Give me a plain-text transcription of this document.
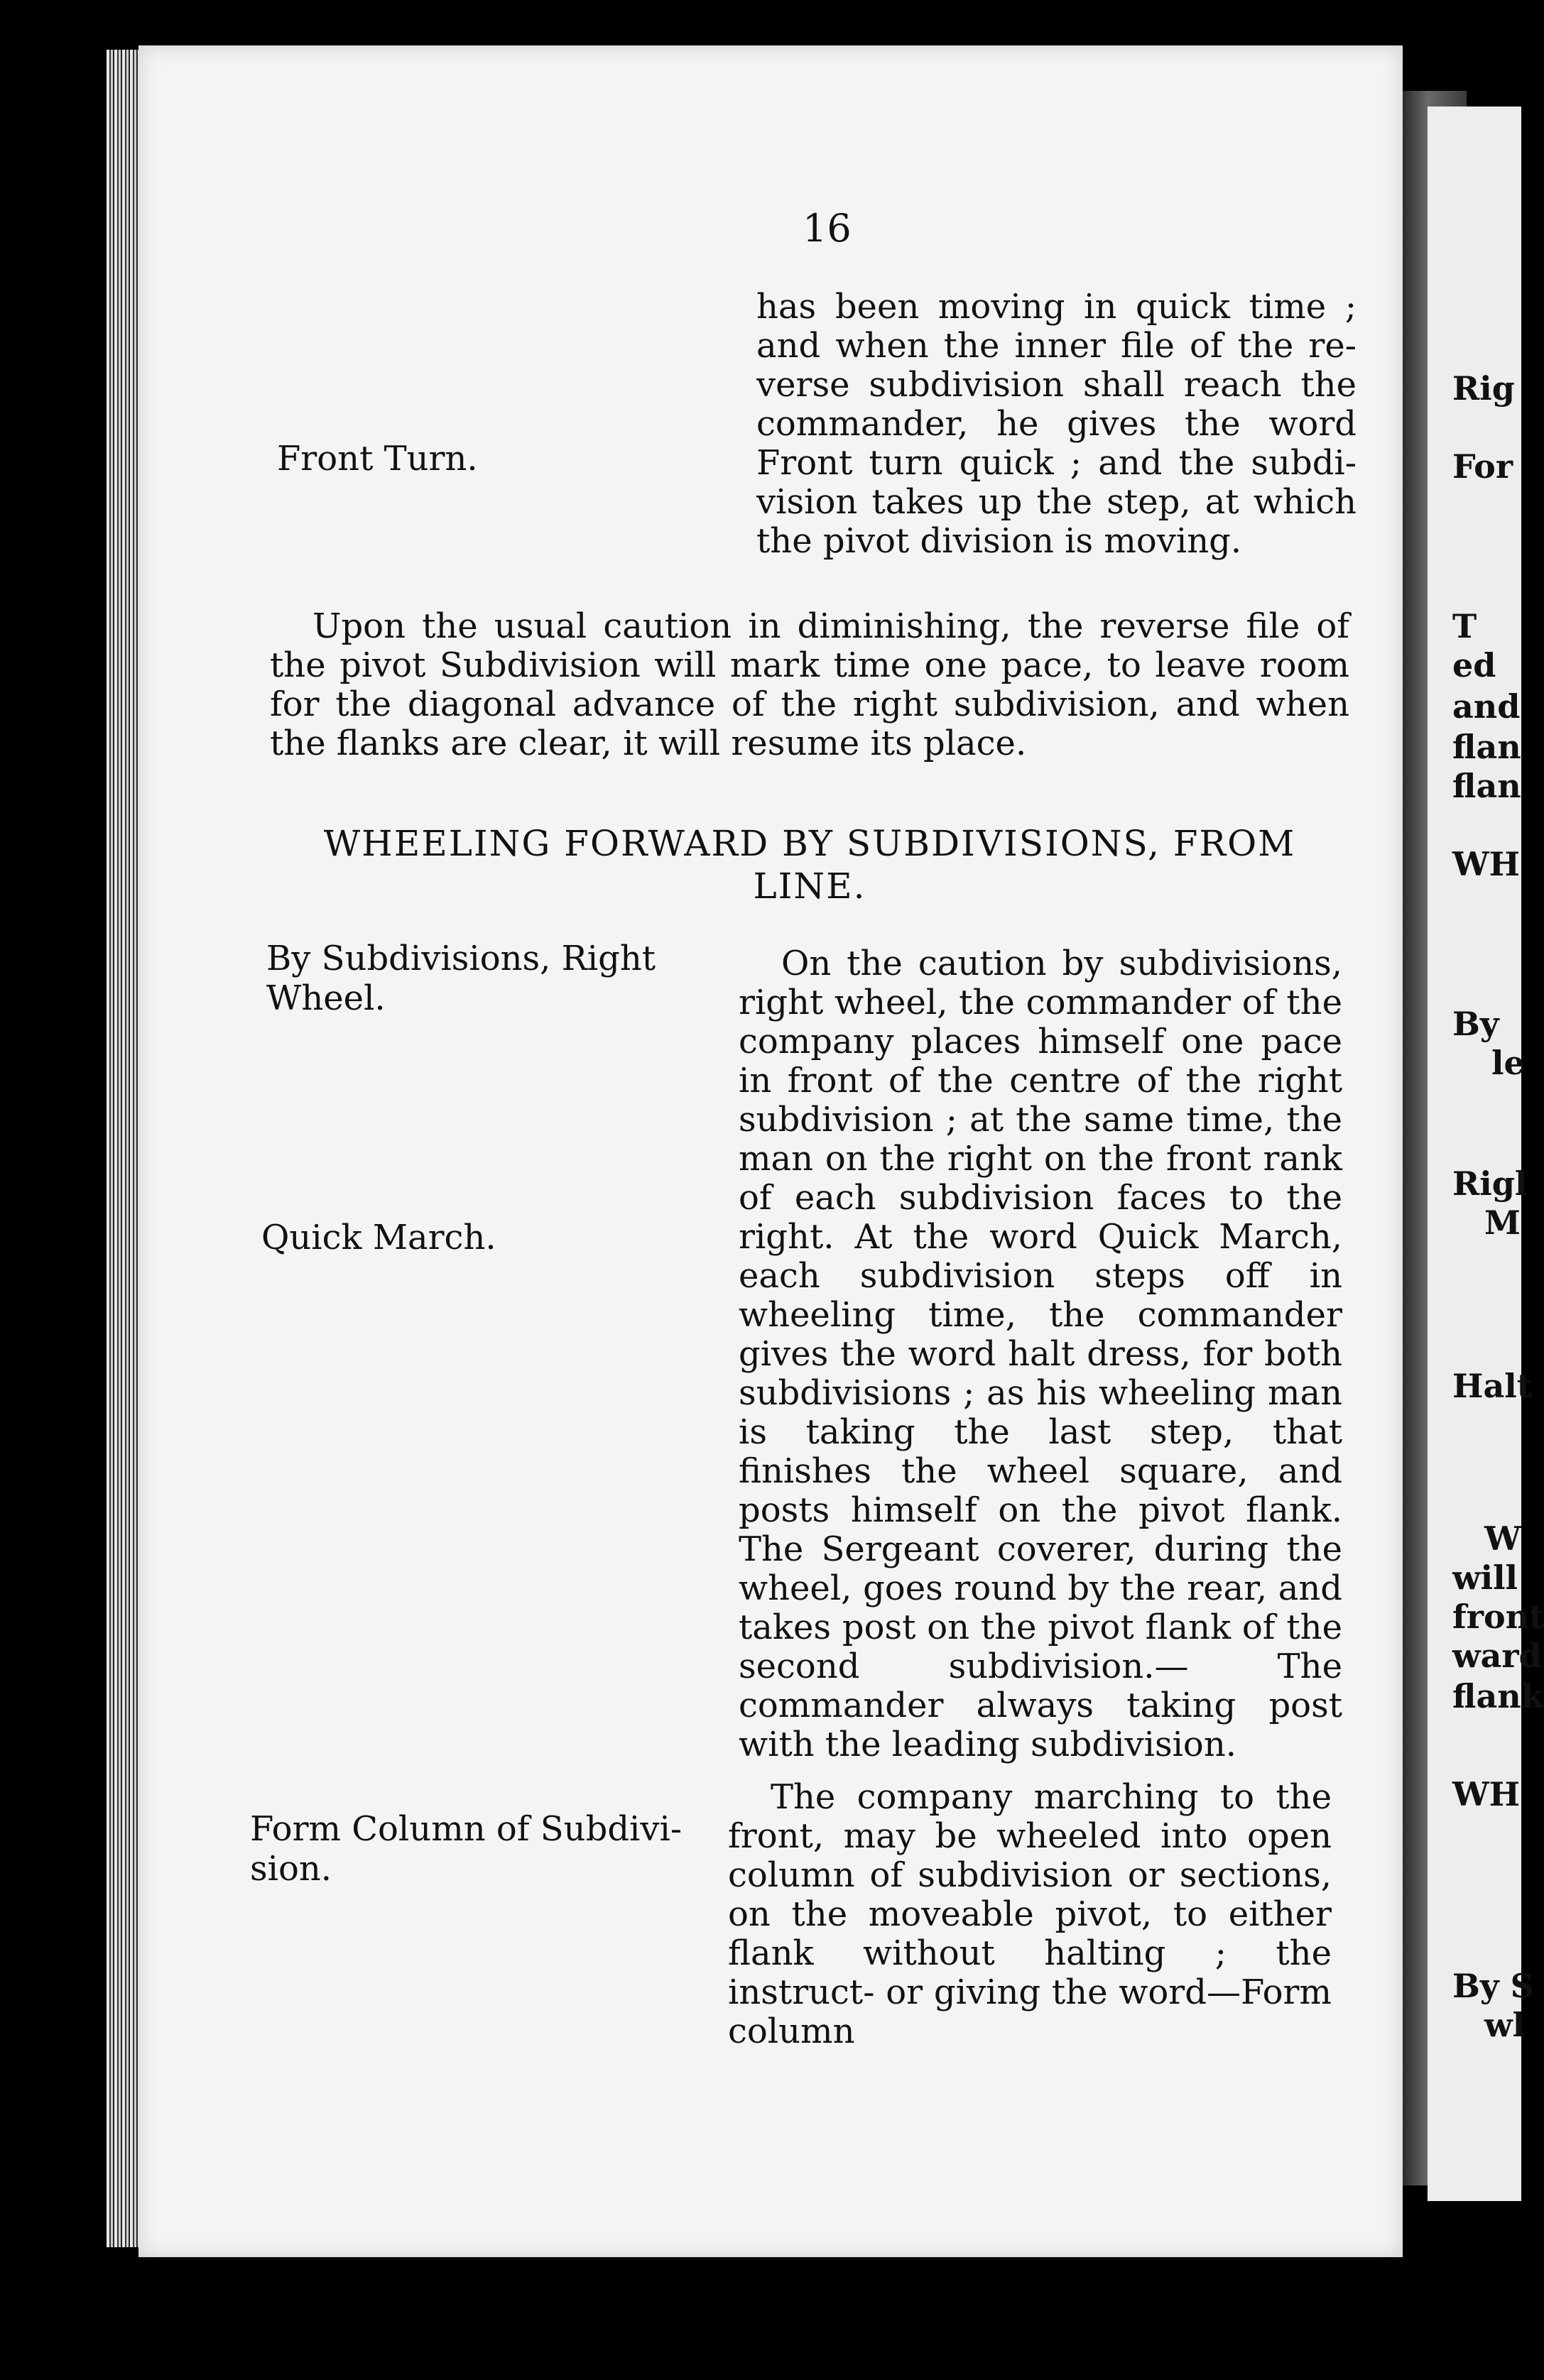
16
Front Turn.

has been moving in quick time ; and when the inner file of the re- verse subdivision shall reach the commander, he gives the word Front turn quick ; and the subdi- vision takes up the step, at which the pivot division is moving.

Upon the usual caution in diminishing, the reverse file of the pivot Subdivision will mark time one pace, to leave room for the diagonal advance of the right subdivision, and when the flanks are clear, it will resume its place.

WHEELING FORWARD BY SUBDIVISIONS, FROM LINE.
By Subdivisions, Right Wheel.
Quick March.

On the caution by subdivisions, right wheel, the commander of the company places himself one pace in front of the centre of the right subdivision ; at the same time, the man on the right on the front rank of each subdivision faces to the right. At the word Quick March, each subdivision steps off in wheeling time, the commander gives the word halt dress, for both subdivisions ; as his wheeling man is taking the last step, that finishes the wheel square, and posts himself on the pivot flank. The Sergeant coverer, during the wheel, goes round by the rear, and takes post on the pivot flank of the second subdivision.— The commander always taking post with the leading subdivision.

Form Column of Subdivi- sion.

The company marching to the front, may be wheeled into open column of subdivision or sections, on the moveable pivot, to either flank without halting ; the instruct- or giving the word—Form column

Rig
For
T
ed
and
flan
flan
WH
By
le
Rigl
M
Halt
W
will
front
ward
flank
WH
By S
wl
